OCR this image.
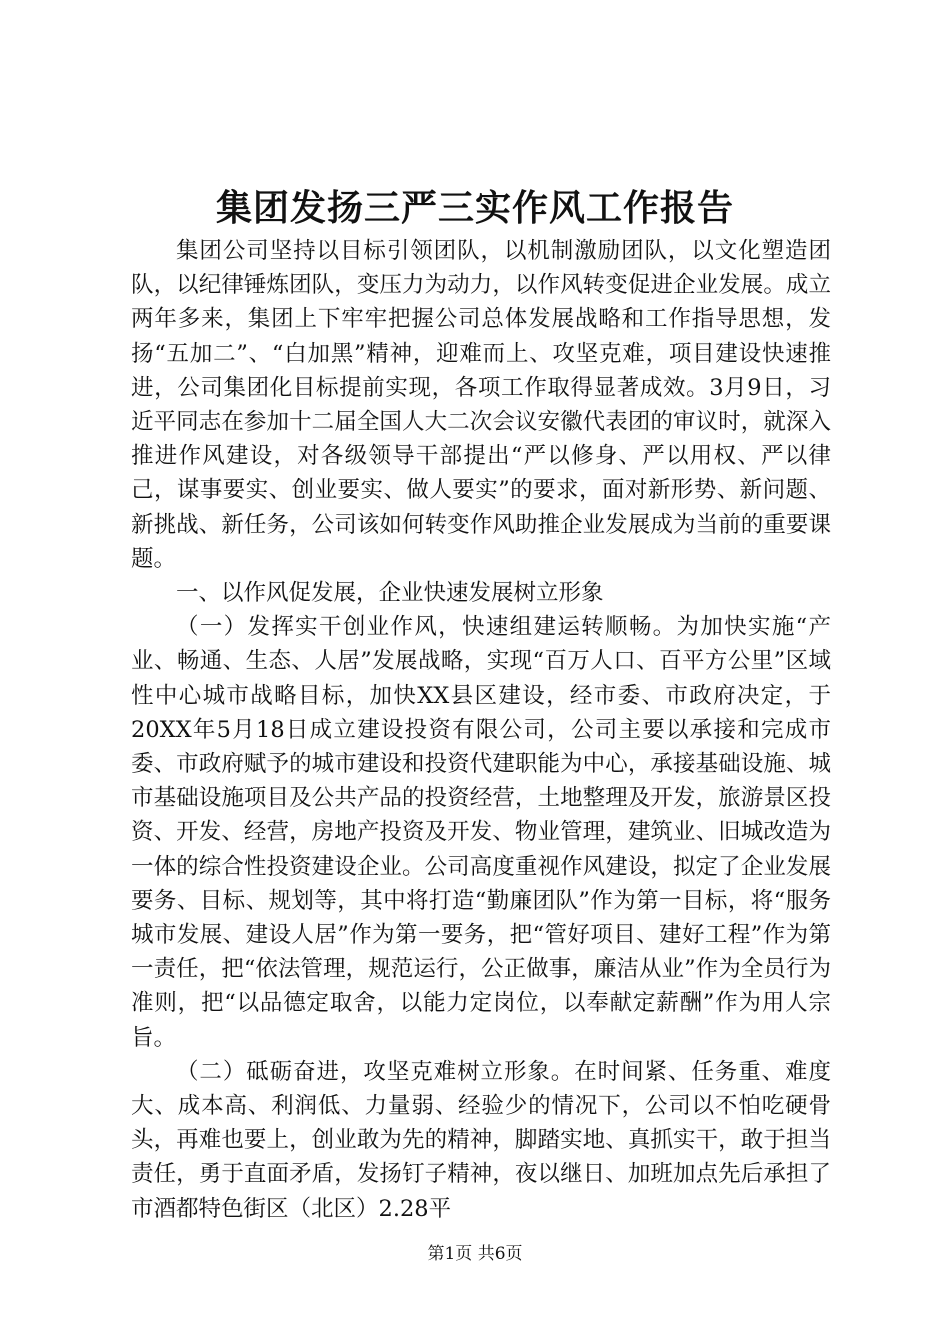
集团发扬三严三实作风工作报告

集团公司坚持以目标引领团队，以机制激励团队，以文化塑造团队，以纪律锤炼团队，变压力为动力，以作风转变促进企业发展。成立两年多来，集团上下牢牢把握公司总体发展战略和工作指导思想，发扬“五加二”、“白加黑”精神，迎难而上、攻坚克难，项目建设快速推进，公司集团化目标提前实现，各项工作取得显著成效。3月9日，习近平同志在参加十二届全国人大二次会议安徽代表团的审议时，就深入推进作风建设，对各级领导干部提出“严以修身、严以用权、严以律己，谋事要实、创业要实、做人要实”的要求，面对新形势、新问题、新挑战、新任务，公司该如何转变作风助推企业发展成为当前的重要课题。

一、以作风促发展，企业快速发展树立形象

（一）发挥实干创业作风，快速组建运转顺畅。为加快实施“产业、畅通、生态、人居”发展战略，实现“百万人口、百平方公里”区域性中心城市战略目标，加快XX县区建设，经市委、市政府决定，于20XX年5月18日成立建设投资有限公司，公司主要以承接和完成市委、市政府赋予的城市建设和投资代建职能为中心，承接基础设施、城市基础设施项目及公共产品的投资经营，土地整理及开发，旅游景区投资、开发、经营，房地产投资及开发、物业管理，建筑业、旧城改造为一体的综合性投资建设企业。公司高度重视作风建设，拟定了企业发展要务、目标、规划等，其中将打造“勤廉团队”作为第一目标，将“服务城市发展、建设人居”作为第一要务，把“管好项目、建好工程”作为第一责任，把“依法管理，规范运行，公正做事，廉洁从业”作为全员行为准则，把“以品德定取舍，以能力定岗位，以奉献定薪酬”作为用人宗旨。

（二）砥砺奋进，攻坚克难树立形象。在时间紧、任务重、难度大、成本高、利润低、力量弱、经验少的情况下，公司以不怕吃硬骨头，再难也要上，创业敢为先的精神，脚踏实地、真抓实干，敢于担当责任，勇于直面矛盾，发扬钉子精神，夜以继日、加班加点先后承担了市酒都特色街区（北区）2.28平

第1页 共6页
